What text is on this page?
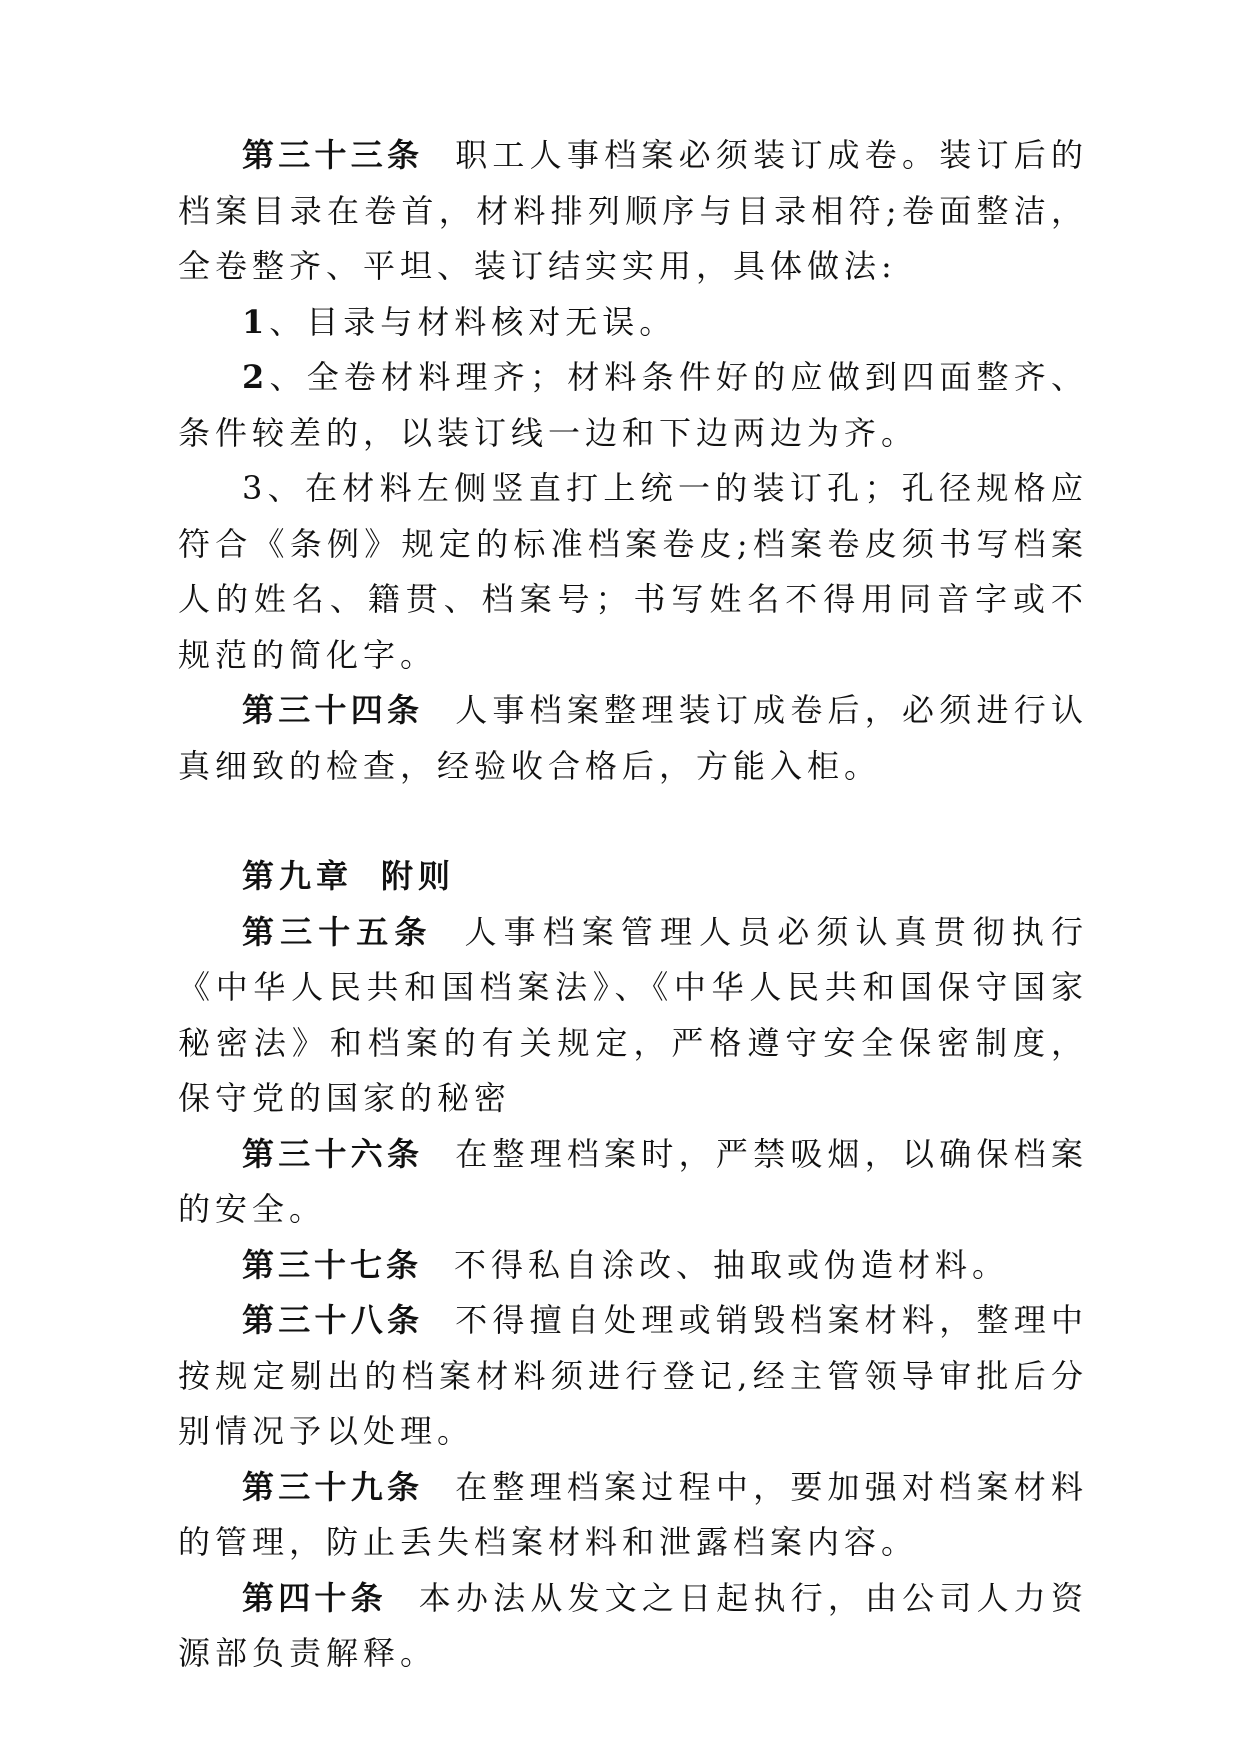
第三十三条 职工人事档案必须装订成卷。装订后的档案目录在卷首，材料排列顺序与目录相符;卷面整洁，全卷整齐、平坦、装订结实实用，具体做法:

1、目录与材料核对无误。

2、全卷材料理齐；材料条件好的应做到四面整齐、条件较差的，以装订线一边和下边两边为齐。

3、在材料左侧竖直打上统一的装订孔；孔径规格应符合《条例》规定的标准档案卷皮;档案卷皮须书写档案人的姓名、籍贯、档案号；书写姓名不得用同音字或不规范的简化字。

第三十四条 人事档案整理装订成卷后，必须进行认真细致的检查，经验收合格后，方能入柜。

第九章 附则

第三十五条 人事档案管理人员必须认真贯彻执行《中华人民共和国档案法》、《中华人民共和国保守国家秘密法》和档案的有关规定，严格遵守安全保密制度，保守党的国家的秘密

第三十六条 在整理档案时，严禁吸烟，以确保档案的安全。

第三十七条 不得私自涂改、抽取或伪造材料。

第三十八条 不得擅自处理或销毁档案材料，整理中按规定剔出的档案材料须进行登记,经主管领导审批后分别情况予以处理。

第三十九条 在整理档案过程中，要加强对档案材料的管理，防止丢失档案材料和泄露档案内容。

第四十条 本办法从发文之日起执行，由公司人力资源部负责解释。
